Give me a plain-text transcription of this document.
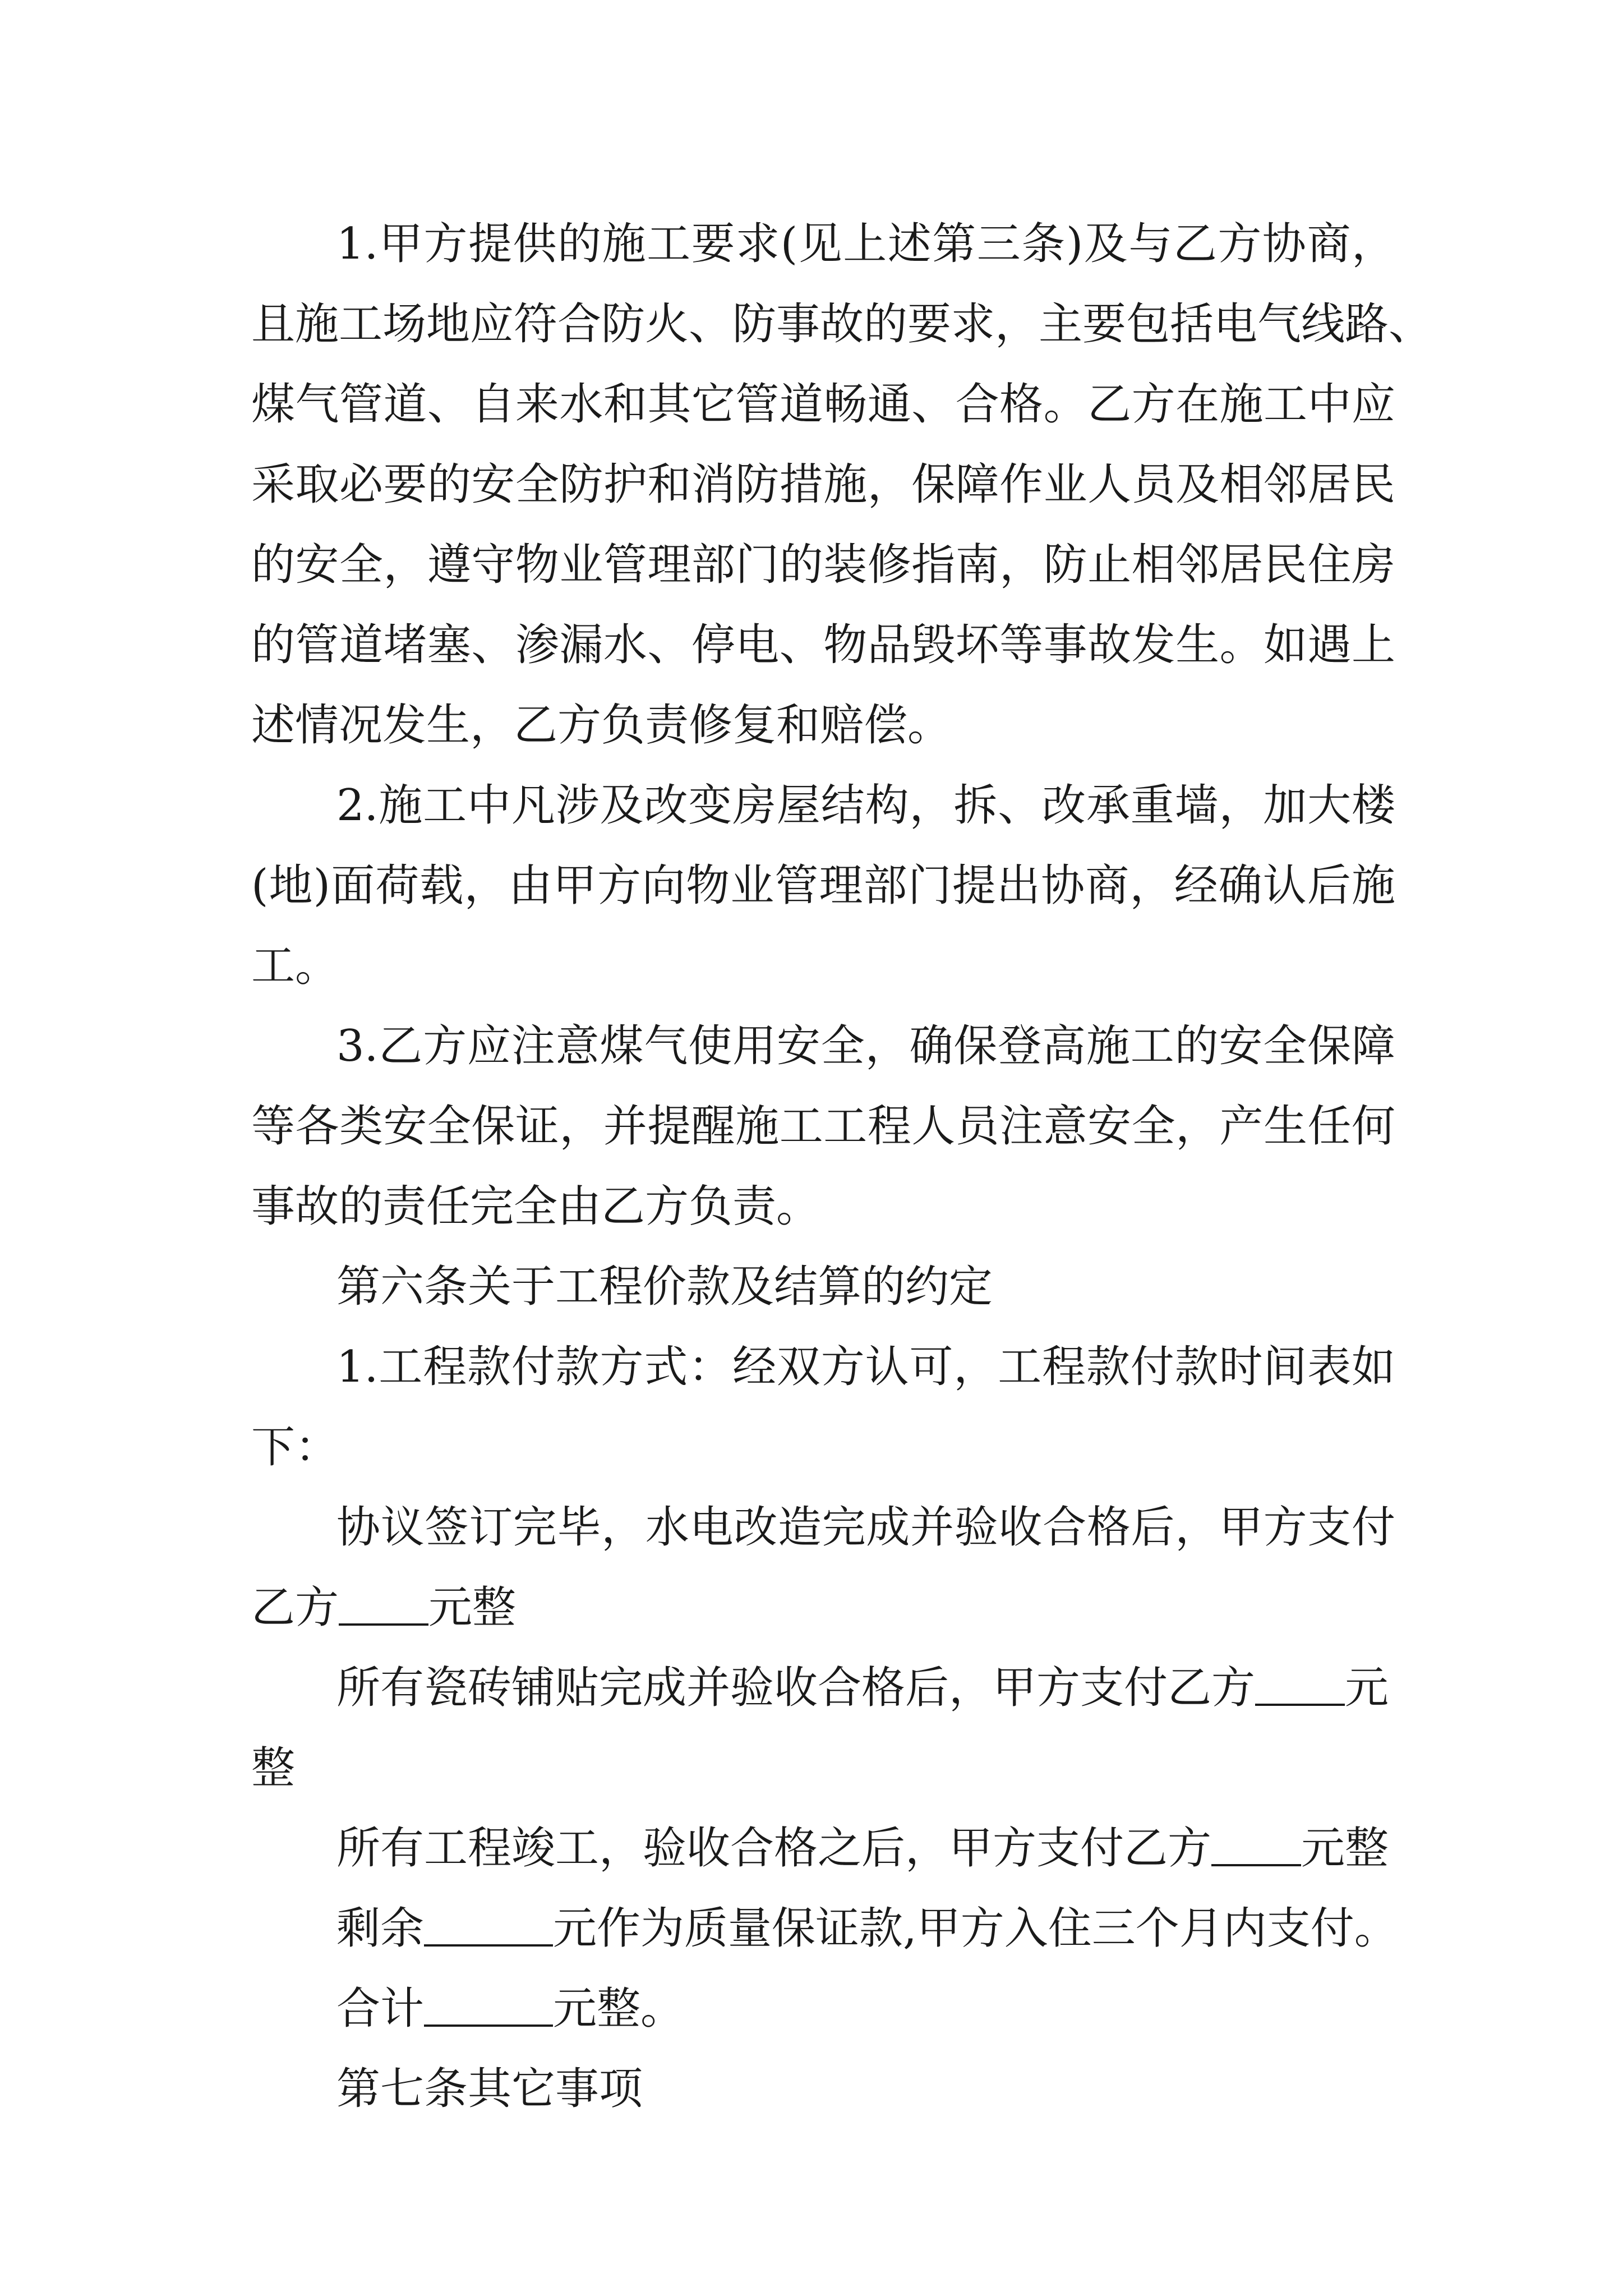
1.甲方提供的施工要求(见上述第三条)及与乙方协商，
且施工场地应符合防火、防事故的要求，主要包括电气线路、
煤气管道、自来水和其它管道畅通、合格。乙方在施工中应
采取必要的安全防护和消防措施，保障作业人员及相邻居民
的安全，遵守物业管理部门的装修指南，防止相邻居民住房
的管道堵塞、渗漏水、停电、物品毁坏等事故发生。如遇上
述情况发生，乙方负责修复和赔偿。
2.施工中凡涉及改变房屋结构，拆、改承重墙，加大楼
(地)面荷载，由甲方向物业管理部门提出协商，经确认后施
工。
3.乙方应注意煤气使用安全，确保登高施工的安全保障
等各类安全保证，并提醒施工工程人员注意安全，产生任何
事故的责任完全由乙方负责。
第六条关于工程价款及结算的约定
1.工程款付款方式：经双方认可，工程款付款时间表如
下：
协议签订完毕，水电改造完成并验收合格后，甲方支付
乙方 元整
所有瓷砖铺贴完成并验收合格后，甲方支付乙方 元
整
所有工程竣工，验收合格之后，甲方支付乙方 元整
剩余	元作为质量保证款,甲方入住三个月内支付。
合计	元整。
第七条其它事项
